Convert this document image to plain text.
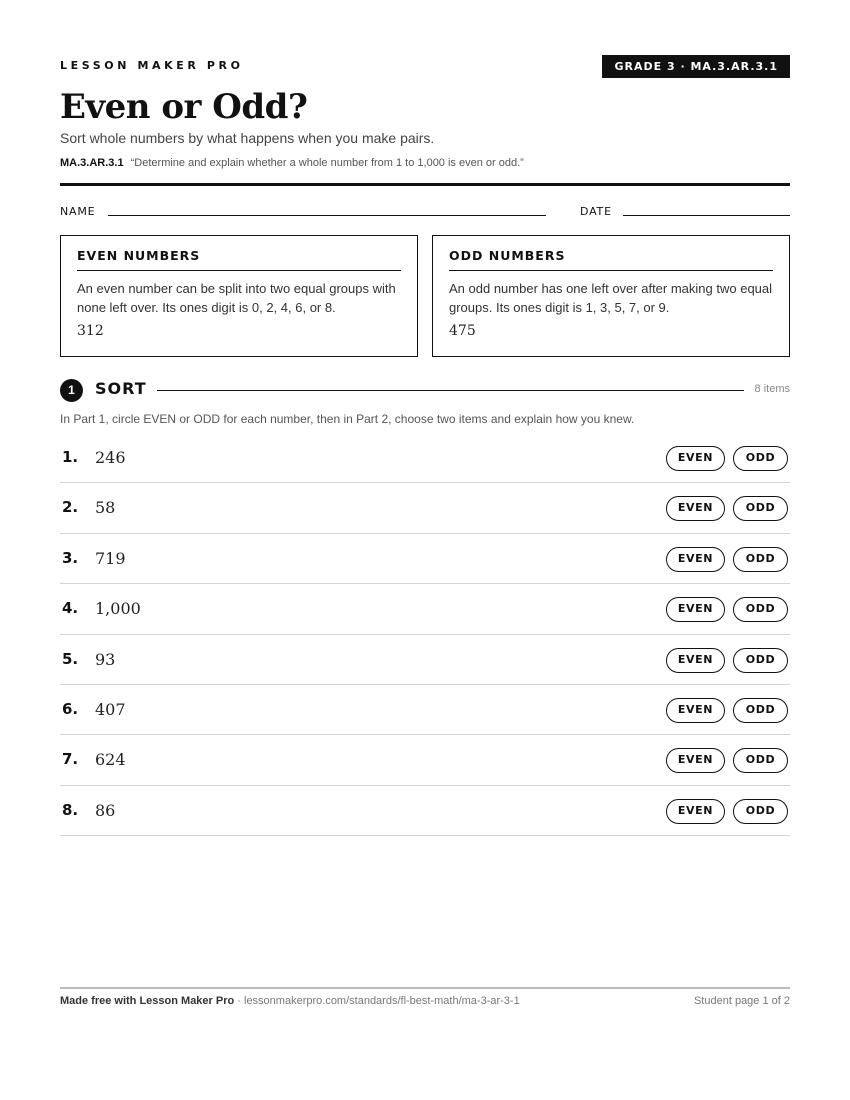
LESSON MAKER PRO	GRADE 3 · MA.3.AR.3.1
Even or Odd?
Sort whole numbers by what happens when you make pairs.
MA.3.AR.3.1 “Determine and explain whether a whole number from 1 to 1,000 is even or odd.”
NAME	DATE
EVEN NUMBERS
An even number can be split into two equal groups with none left over. Its ones digit is 0, 2, 4, 6, or 8.
312
ODD NUMBERS
An odd number has one left over after making two equal groups. Its ones digit is 1, 3, 5, 7, or 9.
475
1	SORT	8 items
In Part 1, circle EVEN or ODD for each number, then in Part 2, choose two items and explain how you knew.
1. 246	EVEN	ODD
2. 58	EVEN	ODD
3. 719	EVEN	ODD
4. 1,000	EVEN	ODD
5. 93	EVEN	ODD
6. 407	EVEN	ODD
7. 624	EVEN	ODD
8. 86	EVEN	ODD
Made free with Lesson Maker Pro · lessonmakerpro.com/standards/fl-best-math/ma-3-ar-3-1	Student page 1 of 2
